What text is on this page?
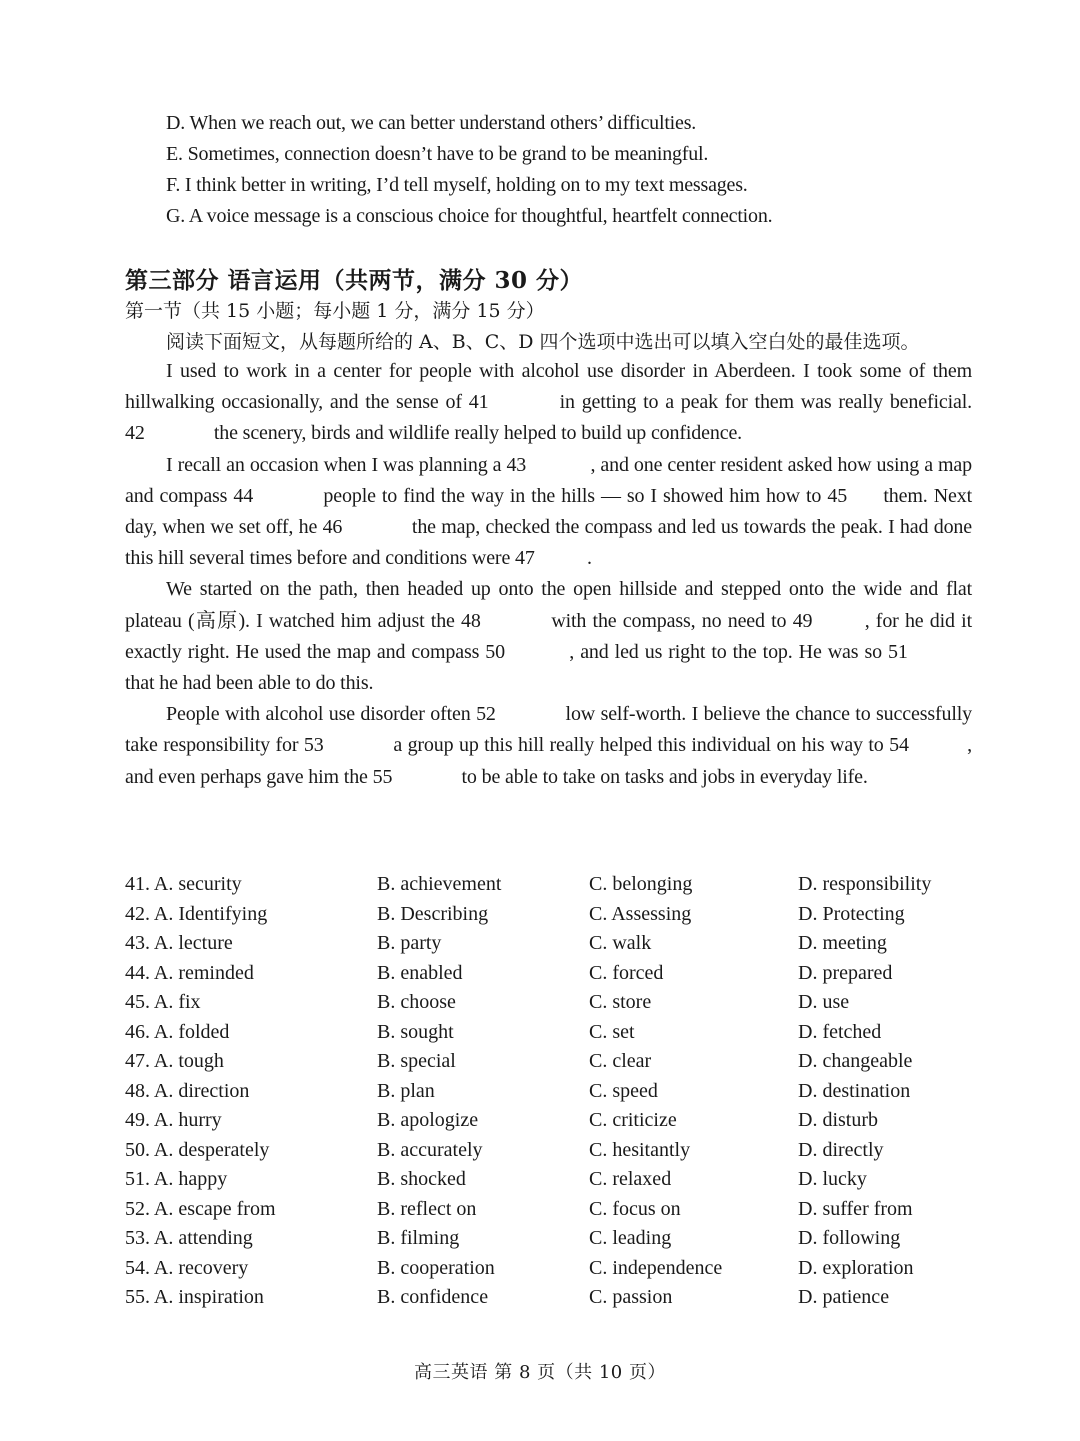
D. When we reach out, we can better understand others’ difficulties.
E. Sometimes, connection doesn’t have to be grand to be meaningful.
F. I think better in writing, I’d tell myself, holding on to my text messages.
G. A voice message is a conscious choice for thoughtful, heartfelt connection.
第三部分 语言运用（共两节，满分 30 分）
第一节（共 15 小题；每小题 1 分，满分 15 分）
阅读下面短文，从每题所给的 A、B、C、D 四个选项中选出可以填入空白处的最佳选项。

I used to work in a center for people with alcohol use disorder in Aberdeen. I took some of them hillwalking occasionally, and the sense of 41	in getting to a peak for them was really beneficial. 42	the scenery, birds and wildlife really helped to build up confidence.

I recall an occasion when I was planning a 43	, and one center resident asked how using a map and compass 44	people to find the way in the hills — so I showed him how to 45 them. Next day, when we set off, he 46	the map, checked the compass and led us towards the peak. I had done this hill several times before and conditions were 47	.

We started on the path, then headed up onto the open hillside and stepped onto the wide and flat plateau (高原). I watched him adjust the 48	with the compass, no need to 49	, for he did it exactly right. He used the map and compass 50	, and led us right to the top. He was so 51 that he had been able to do this.

People with alcohol use disorder often 52	low self-worth. I believe the chance to successfully take responsibility for 53	a group up this hill really helped this individual on his way to 54	, and even perhaps gave him the 55	to be able to take on tasks and jobs in everyday life.

41. A. security	B. achievement	C. belonging	D. responsibility
42. A. Identifying	B. Describing	C. Assessing	D. Protecting
43. A. lecture	B. party	C. walk	D. meeting
44. A. reminded	B. enabled	C. forced	D. prepared
45. A. fix	B. choose	C. store	D. use
46. A. folded	B. sought	C. set	D. fetched
47. A. tough	B. special	C. clear	D. changeable
48. A. direction	B. plan	C. speed	D. destination
49. A. hurry	B. apologize	C. criticize	D. disturb
50. A. desperately	B. accurately	C. hesitantly	D. directly
51. A. happy	B. shocked	C. relaxed	D. lucky
52. A. escape from	B. reflect on	C. focus on	D. suffer from
53. A. attending	B. filming	C. leading	D. following
54. A. recovery	B. cooperation	C. independence	D. exploration
55. A. inspiration	B. confidence	C. passion	D. patience
高三英语 第 8 页（共 10 页）
